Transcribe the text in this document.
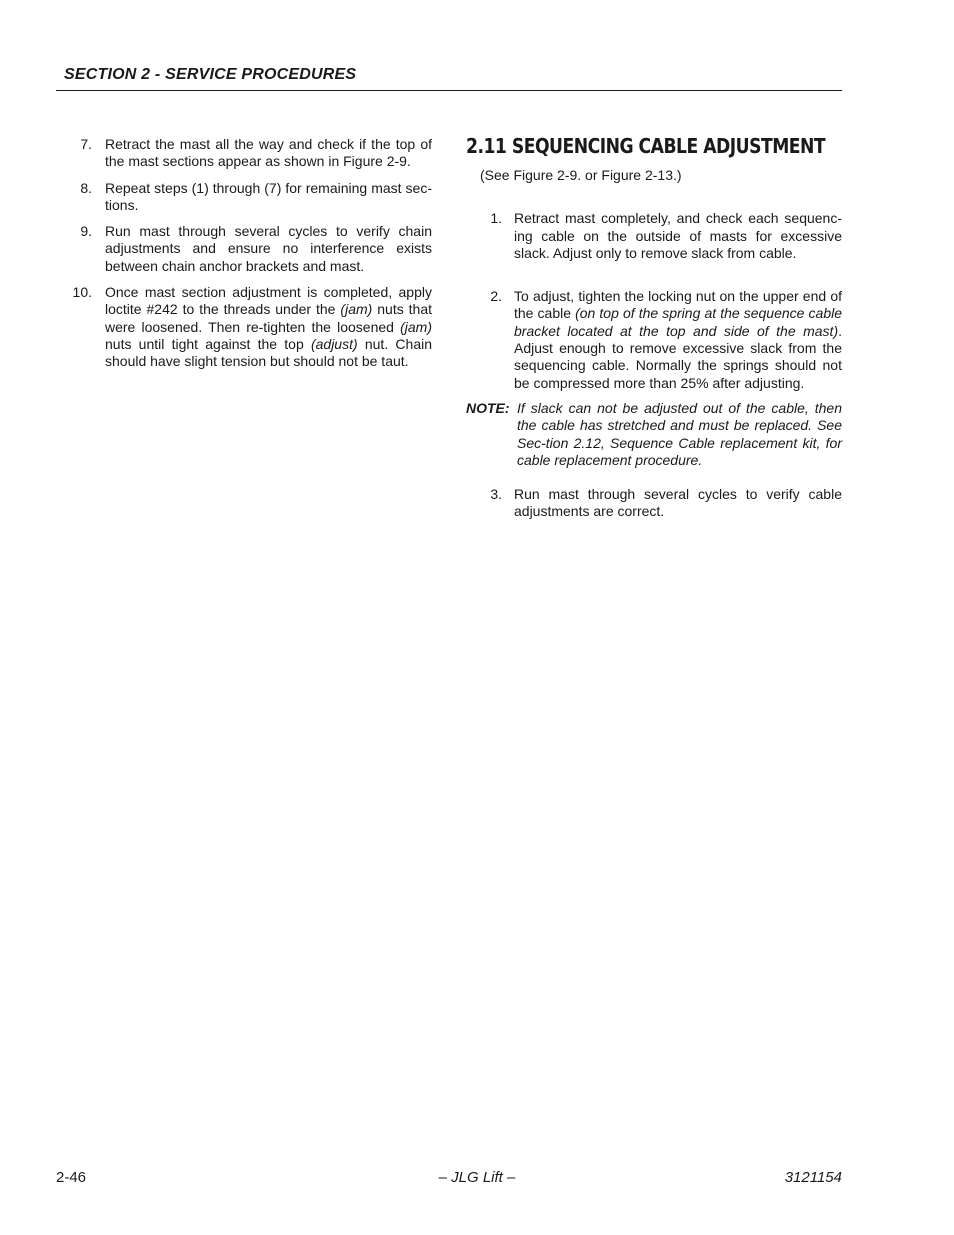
SECTION 2 - SERVICE PROCEDURES
7. Retract the mast all the way and check if the top of the mast sections appear as shown in Figure 2-9.
8. Repeat steps (1) through (7) for remaining mast sec-tions.
9. Run mast through several cycles to verify chain adjustments and ensure no interference exists between chain anchor brackets and mast.
10. Once mast section adjustment is completed, apply loctite #242 to the threads under the (jam) nuts that were loosened. Then re-tighten the loosened (jam) nuts until tight against the top (adjust) nut. Chain should have slight tension but should not be taut.
2.11 SEQUENCING CABLE ADJUSTMENT
(See Figure 2-9. or Figure 2-13.)
1. Retract mast completely, and check each sequenc-ing cable on the outside of masts for excessive slack. Adjust only to remove slack from cable.
2. To adjust, tighten the locking nut on the upper end of the cable (on top of the spring at the sequence cable bracket located at the top and side of the mast). Adjust enough to remove excessive slack from the sequencing cable. Normally the springs should not be compressed more than 25% after adjusting.
NOTE: If slack can not be adjusted out of the cable, then the cable has stretched and must be replaced. See Sec-tion 2.12, Sequence Cable replacement kit, for cable replacement procedure.
3. Run mast through several cycles to verify cable adjustments are correct.
2-46	– JLG Lift –	3121154
